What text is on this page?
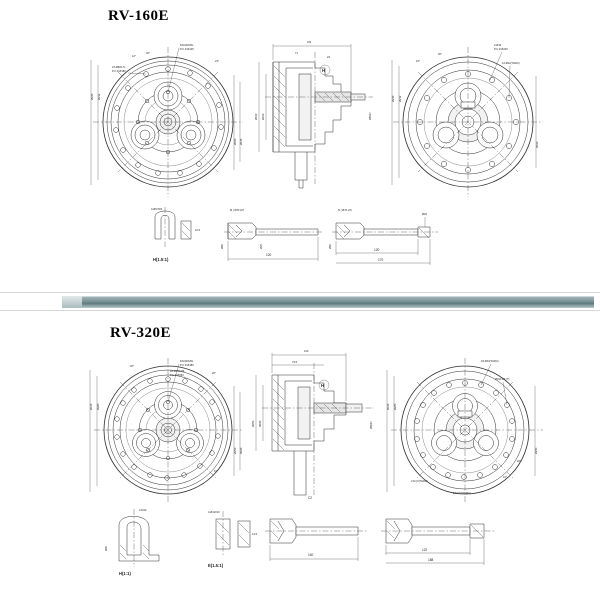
RV-160E
RV-320E
8-M10X25L
P.C.D Ø145
15-M8X17L
P.C.D Ø180
12°
30°
24°
Ø240	Ø212
Ø180	Ø145
104
Ø190	Ø160	Ø60h7
71
23
H
2-Ø10
P.C.D Ø240
12-Ø12(THRU)
15°
30°
Ø240	Ø212
Ø190
4-Ø9.5X9
10.5
H(1.5:1)
M ( Ø70 H7)
Ø60	Ø25
120
N ( Ø70 H7)
Ø25
Ø60
120
170
8-M10X25L
P.C.D Ø180
18-M10X19L
P.C.D Ø250
30°
20°
10°
Ø310	Ø280
Ø250	Ø180
120
79.5
Ø250	Ø180	Ø80h7
H
C2
18-Ø13(THRU)
Ø310 H6 (T)
2-M12X(THRU)
2-M (X(THRU)
10°
20°
Ø310	Ø280
Ø250
4-M10
Ø90
H(1:1)
4-Ø11X10
12.5
E(1.5:1)
140
122
188
